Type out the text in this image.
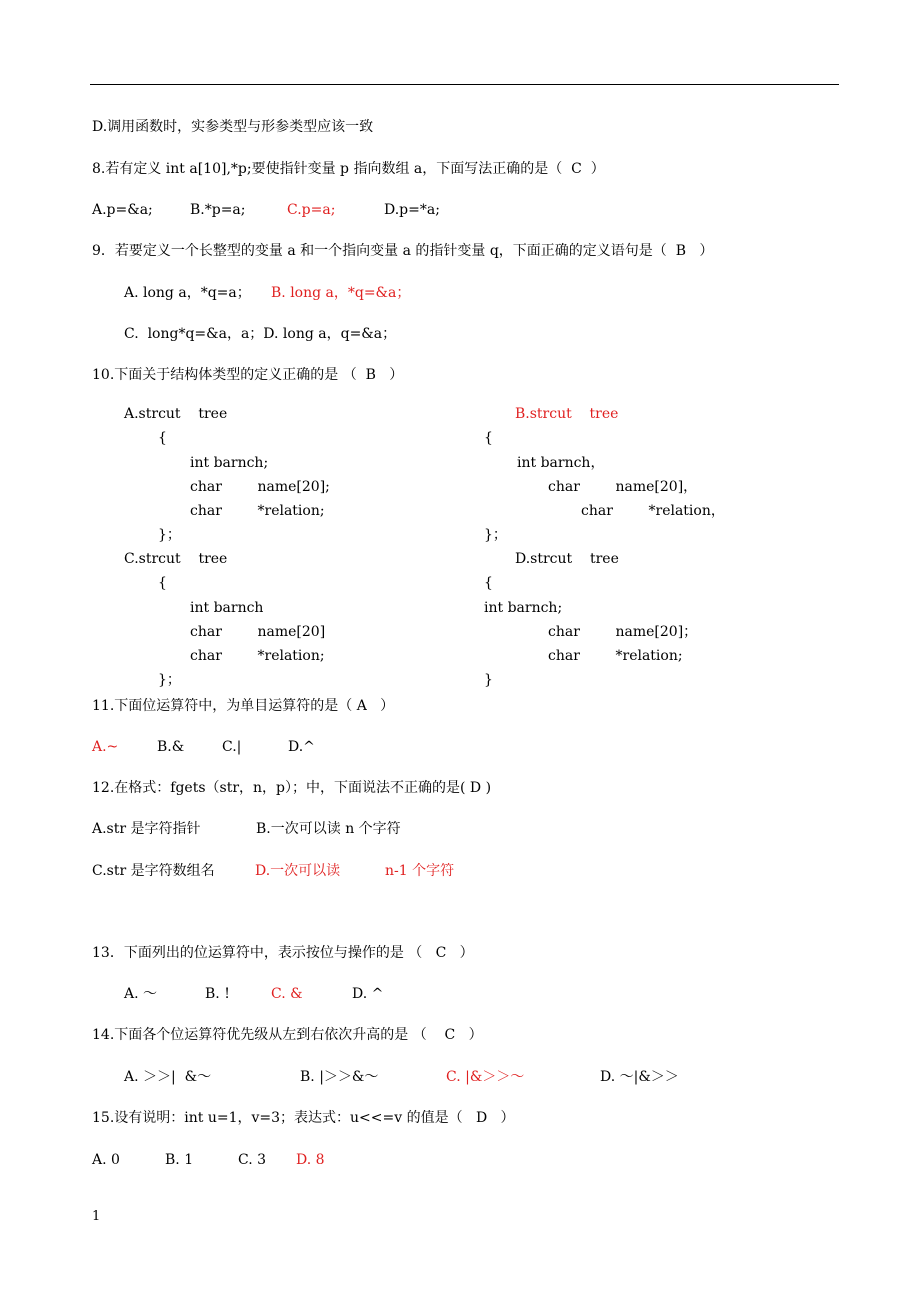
D.调用函数时，实参类型与形参类型应该一致
8.若有定义 int a[10],*p;要使指针变量 p 指向数组 a，下面写法正确的是（  C  ）
A.p=&a;	B.*p=a;	C.p=a;	D.p=*a;
9．若要定义一个长整型的变量 a 和一个指向变量 a 的指针变量 q，下面正确的定义语句是（  B   ）
A. long a，*q=a； B. long a，*q=&a；
C.  long*q=&a，a；D. long a，q=&a；
10.下面关于结构体类型的定义正确的是 （  B   ）
A.strcut    tree
{
int barnch;
char        name[20];
char        *relation;
}；
B.strcut    tree
{
int barnch，
char        name[20]，
char        *relation，
}；
C.strcut    tree
{
int barnch
char        name[20]
char        *relation;
}；
D.strcut    tree
{
int barnch;
char        name[20]；
char        *relation;
}
11.下面位运算符中，为单目运算符的是（ A   ）
A.~	B.&	C.|	D.^
12.在格式：fgets（str，n，p）；中，下面说法不正确的是( D )
A.str 是字符指针	B.一次可以读 n 个字符
C.str 是字符数组名	D.一次可以读	n-1 个字符
13．下面列出的位运算符中，表示按位与操作的是 （   C   ）
A. ～	B. !	C. &	D. ^
14.下面各个位运算符优先级从左到右依次升高的是 （    C   ）
A. ＞＞|  &～	B. |＞＞&～	C. |&＞＞～	D. ～|&＞＞
15.设有说明：int u=1，v=3；表达式：u<<=v 的值是（   D   ）
A. 0	B. 1	C. 3 D. 8
1
